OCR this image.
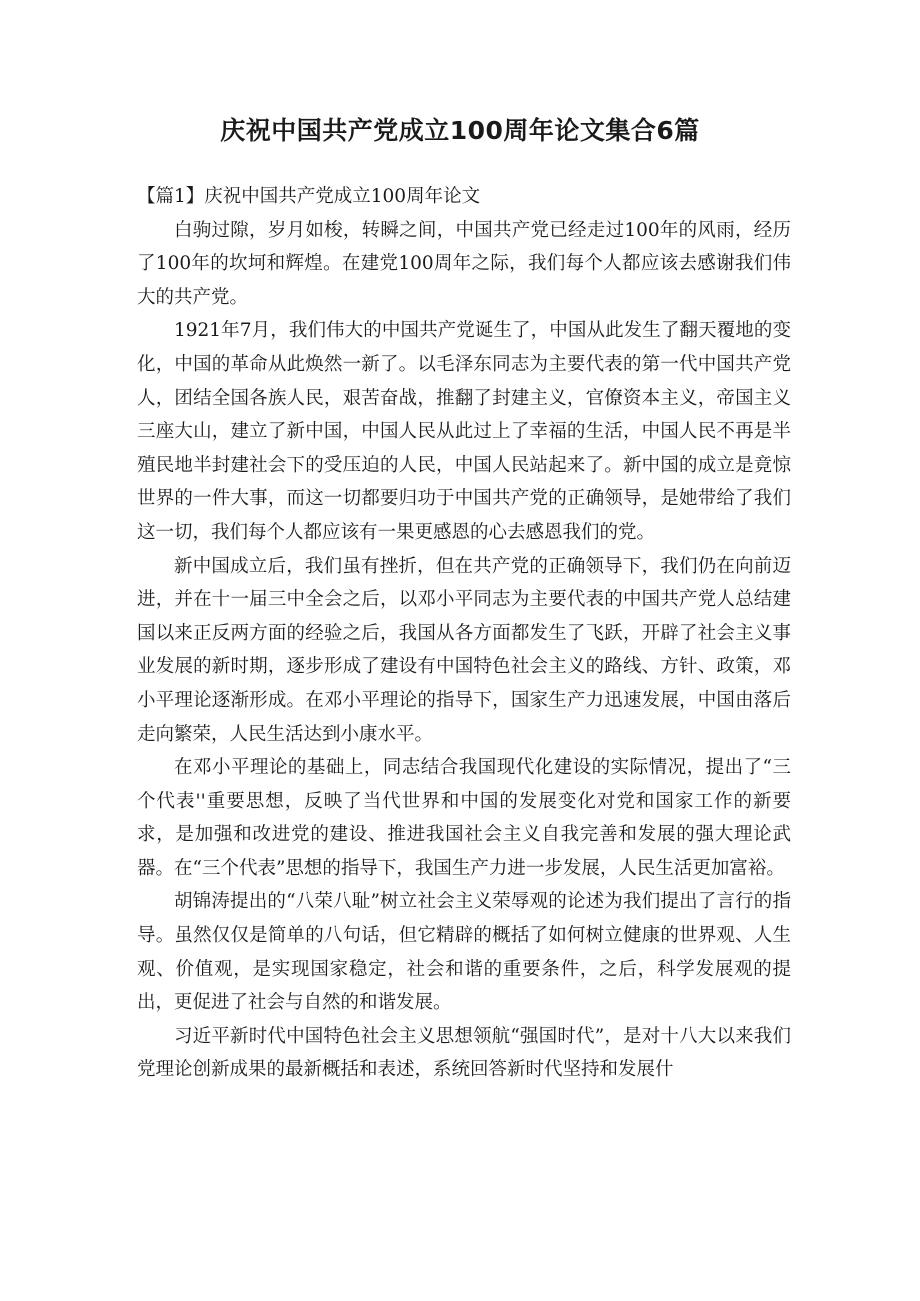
庆祝中国共产党成立100周年论文集合6篇
【篇1】庆祝中国共产党成立100周年论文

白驹过隙，岁月如梭，转瞬之间，中国共产党已经走过100年的风雨，经历了100年的坎坷和辉煌。在建党100周年之际，我们每个人都应该去感谢我们伟大的共产党。

1921年7月，我们伟大的中国共产党诞生了，中国从此发生了翻天覆地的变化，中国的革命从此焕然一新了。以毛泽东同志为主要代表的第一代中国共产党人，团结全国各族人民，艰苦奋战，推翻了封建主义，官僚资本主义，帝国主义三座大山，建立了新中国，中国人民从此过上了幸福的生活，中国人民不再是半殖民地半封建社会下的受压迫的人民，中国人民站起来了。新中国的成立是竟惊世界的一件大事，而这一切都要归功于中国共产党的正确领导，是她带给了我们这一切，我们每个人都应该有一果更感恩的心去感恩我们的党。

新中国成立后，我们虽有挫折，但在共产党的正确领导下，我们仍在向前迈进，并在十一届三中全会之后，以邓小平同志为主要代表的中国共产党人总结建国以来正反两方面的经验之后，我国从各方面都发生了飞跃，开辟了社会主义事业发展的新时期，逐步形成了建设有中国特色社会主义的路线、方针、政策，邓小平理论逐渐形成。在邓小平理论的指导下，国家生产力迅速发展，中国由落后走向繁荣，人民生活达到小康水平。

在邓小平理论的基础上，同志结合我国现代化建设的实际情况，提出了“三个代表''重要思想，反映了当代世界和中国的发展变化对党和国家工作的新要求，是加强和改进党的建设、推进我国社会主义自我完善和发展的强大理论武器。在“三个代表”思想的指导下，我国生产力进一步发展，人民生活更加富裕。

胡锦涛提出的“八荣八耻”树立社会主义荣辱观的论述为我们提出了言行的指导。虽然仅仅是简单的八句话，但它精辟的概括了如何树立健康的世界观、人生观、价值观，是实现国家稳定，社会和谐的重要条件，之后，科学发展观的提出，更促进了社会与自然的和谐发展。

习近平新时代中国特色社会主义思想领航“强国时代”，是对十八大以来我们党理论创新成果的最新概括和表述，系统回答新时代坚持和发展什
